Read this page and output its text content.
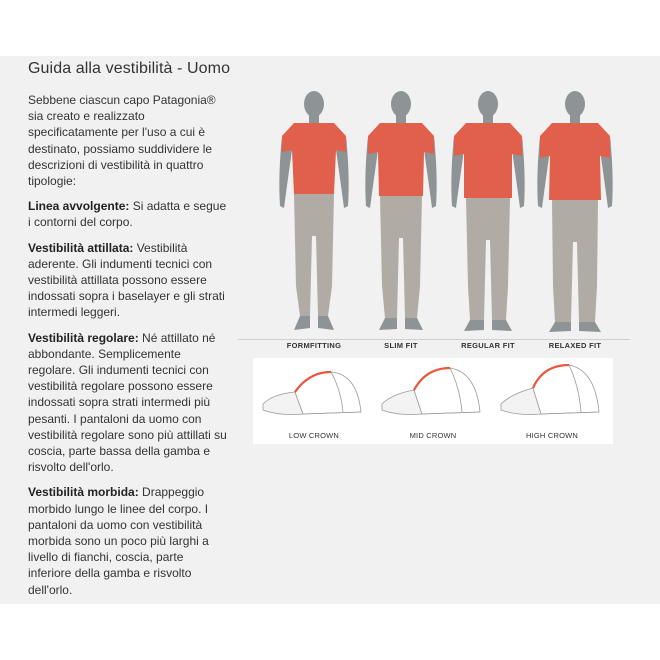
Guida alla vestibilità - Uomo

Sebbene ciascun capo Patagonia® sia creato e realizzato specificatamente per l'uso a cui è destinato, possiamo suddividere le descrizioni di vestibilità in quattro tipologie:

Linea avvolgente: Si adatta e segue i contorni del corpo.

Vestibilità attillata: Vestibilità aderente. Gli indumenti tecnici con vestibilità attillata possono essere indossati sopra i baselayer e gli strati intermedi leggeri.

Vestibilità regolare: Né attillato né abbondante. Semplicemente regolare. Gli indumenti tecnici con vestibilità regolare possono essere indossati sopra strati intermedi più pesanti. I pantaloni da uomo con vestibilità regolare sono più attillati su coscia, parte bassa della gamba e risvolto dell'orlo.

Vestibilità morbida: Drappeggio morbido lungo le linee del corpo. I pantaloni da uomo con vestibilità morbida sono un poco più larghi a livello di fianchi, coscia, parte inferiore della gamba e risvolto dell'orlo.

FORMFITTING	SLIM FIT	REGULAR FIT	RELAXED FIT
LOW CROWN	MID CROWN	HIGH CROWN
